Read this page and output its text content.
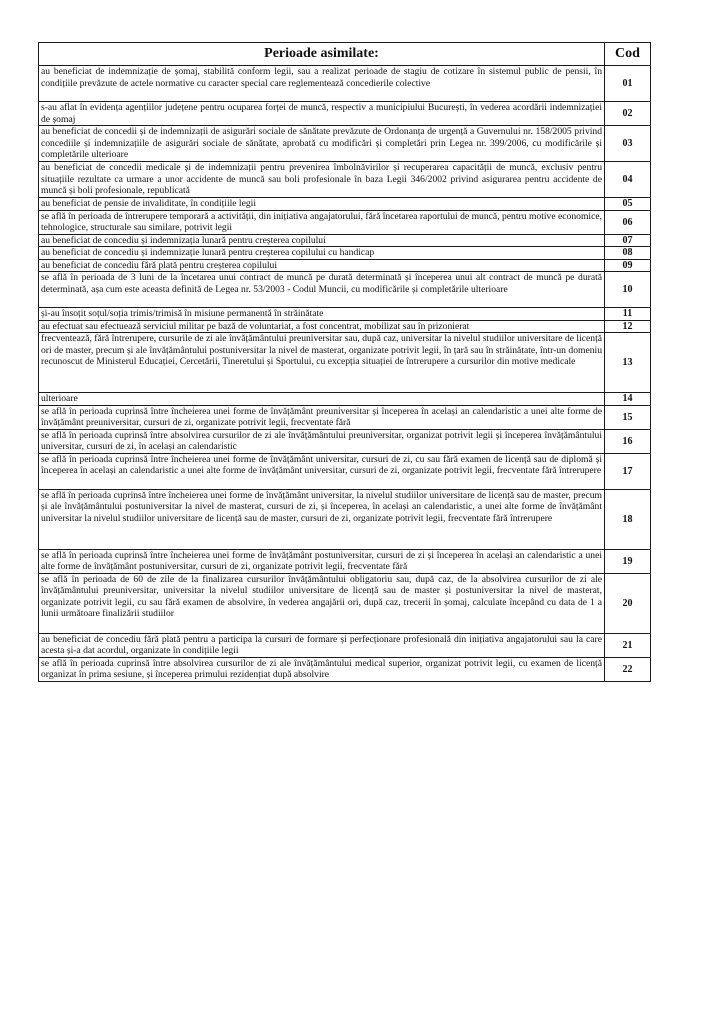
Perioade asimilate:	Cod
au beneficiat de indemnizație de șomaj, stabilită conform legii, sau a realizat perioade de stagiu de cotizare în sistemul public de pensii, în condițiile prevăzute de actele normative cu caracter special care reglementează concedierile colective	01
s-au aflat în evidența agențiilor județene pentru ocuparea forței de muncă, respectiv a municipiului București, în vederea acordării indemnizației de șomaj	02
au beneficiat de concedii și de indemnizații de asigurări sociale de sănătate prevăzute de Ordonanța de urgență a Guvernului nr. 158/2005 privind concediile și indemnizațiile de asigurări sociale de sănătate, aprobată cu modificări și completări prin Legea nr. 399/2006, cu modificările și completările ulterioare	03
au beneficiat de concedii medicale și de indemnizații pentru prevenirea îmbolnăvirilor și recuperarea capacității de muncă, exclusiv pentru situațiile rezultate ca urmare a unor accidente de muncă sau boli profesionale în baza Legii 346/2002 privind asigurarea pentru accidente de muncă și boli profesionale, republicată	04
au beneficiat de pensie de invaliditate, în condițiile legii	05
se află în perioada de întrerupere temporară a activității, din inițiativa angajatorului, fără încetarea raportului de muncă, pentru motive economice, tehnologice, structurale sau similare, potrivit legii	06
au beneficiat de concediu și indemnizația lunară pentru creșterea copilului	07
au beneficiat de concediu și indemnizație lunară pentru creșterea copilului cu handicap	08
au beneficiat de concediu fără plată pentru creșterea copilului	09
se află în perioada de 3 luni de la încetarea unui contract de muncă pe durată determinată și începerea unui alt contract de muncă pe durată determinată, așa cum este aceasta definită de Legea nr. 53/2003 - Codul Muncii, cu modificările și completările ulterioare	10
și-au însoțit soțul/soția trimis/trimisă în misiune permanentă în străinătate	11
au efectuat sau efectuează serviciul militar pe bază de voluntariat, a fost concentrat, mobilizat sau în prizonierat	12
frecventează, fără întrerupere, cursurile de zi ale învățământului preuniversitar sau, după caz, universitar la nivelul studiilor universitare de licență ori de master, precum și ale învățământului postuniversitar la nivel de masterat, organizate potrivit legii, în țară sau în străinătate, într-un domeniu recunoscut de Ministerul Educației, Cercetării, Tineretului și Sportului, cu excepția situației de întrerupere a cursurilor din motive medicale	13
ulterioare	14
se află în perioada cuprinsă între încheierea unei forme de învățământ preuniversitar și începerea în același an calendaristic a unei alte forme de învățământ preuniversitar, cursuri de zi, organizate potrivit legii, frecventate fără	15
se află în perioada cuprinsă între absolvirea cursurilor de zi ale învățământului preuniversitar, organizat potrivit legii și începerea învățământului universitar, cursuri de zi, în același an calendaristic	16
se află în perioada cuprinsă între încheierea unei forme de învățământ universitar, cursuri de zi, cu sau fără examen de licență sau de diplomă și începerea în același an calendaristic a unei alte forme de învățământ universitar, cursuri de zi, organizate potrivit legii, frecventate fără întrerupere	17
se află în perioada cuprinsă între încheierea unei forme de învățământ universitar, la nivelul studiilor universitare de licență sau de master, precum și ale învățământului postuniversitar la nivel de masterat, cursuri de zi, și începerea, în același an calendaristic, a unei alte forme de învățământ universitar la nivelul studiilor universitare de licență sau de master, cursuri de zi, organizate potrivit legii, frecventate fără întrerupere	18
se află în perioada cuprinsă între încheierea unei forme de învățământ postuniversitar, cursuri de zi și începerea în același an calendaristic a unei alte forme de învățământ postuniversitar, cursuri de zi, organizate potrivit legii, frecventate fără	19
se află în perioada de 60 de zile de la finalizarea cursurilor învățământului obligatoriu sau, după caz, de la absolvirea cursurilor de zi ale învățământului preuniversitar, universitar la nivelul studiilor universitare de licență sau de master și postuniversitar la nivel de masterat, organizate potrivit legii, cu sau fără examen de absolvire, în vederea angajării ori, după caz, trecerii în șomaj, calculate începând cu data de 1 a lunii următoare finalizării studiilor	20
au beneficiat de concediu fără plată pentru a participa la cursuri de formare și perfecționare profesională din inițiativa angajatorului sau la care acesta și-a dat acordul, organizate în condițiile legii	21
se află în perioada cuprinsă între absolvirea cursurilor de zi ale învățământului medical superior, organizat potrivit legii, cu examen de licență organizat în prima sesiune, și începerea primului rezidențiat după absolvire	22
